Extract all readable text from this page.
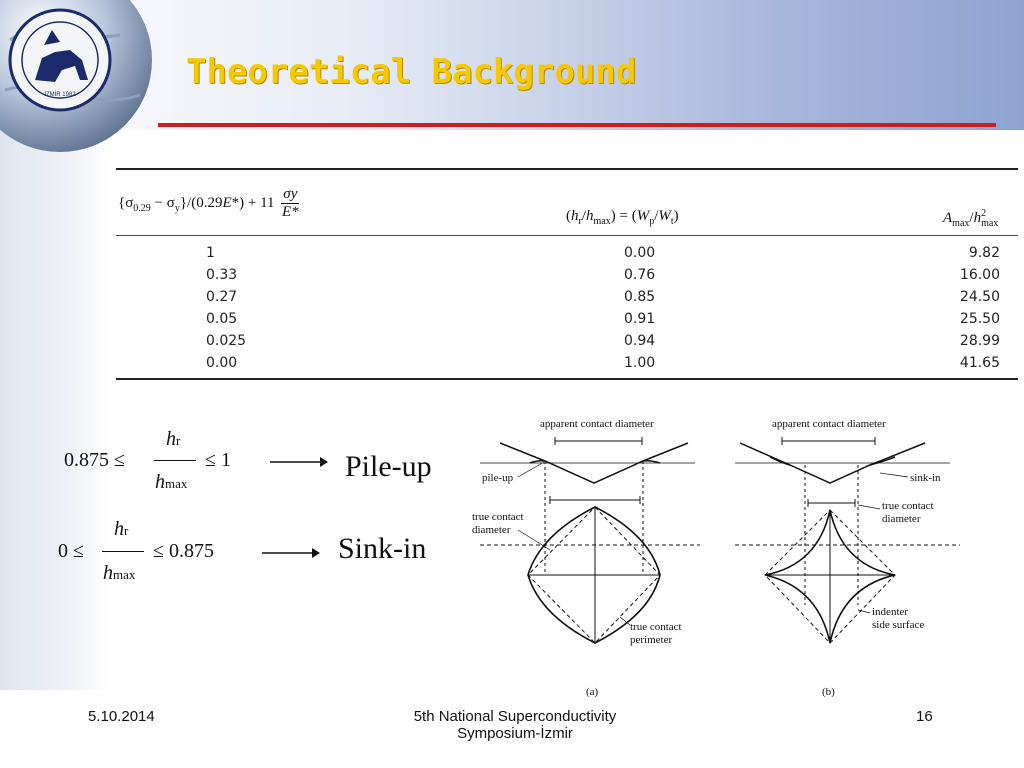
İZMİR 1982
Theoretical Background
$\{\sigma_{0.29} - \sigma_y\}/(0.29E*) + 11 \frac{\sigma y}{E*}$	$(h_r/h_{max}) = (W_p/W_t)$	$A_{max}/h^2_{max}$
1	0.00	9.82
0.33	0.76	16.00
0.27	0.85	24.50
0.05	0.91	25.50
0.025	0.94	28.99
0.00	1.00	41.65
0.875 ≤
hr
hmax
≤ 1	Pile-up
0 ≤
hr
hmax
≤ 0.875	Sink-in
apparent contact diameter
pile-up
true contact
diameter
true contact
perimeter
(a)
apparent contact diameter
sink-in
true contact
diameter
indenter
side surface
(b)
5.10.2014	5th National Superconductivity
Symposium-İzmir
16
